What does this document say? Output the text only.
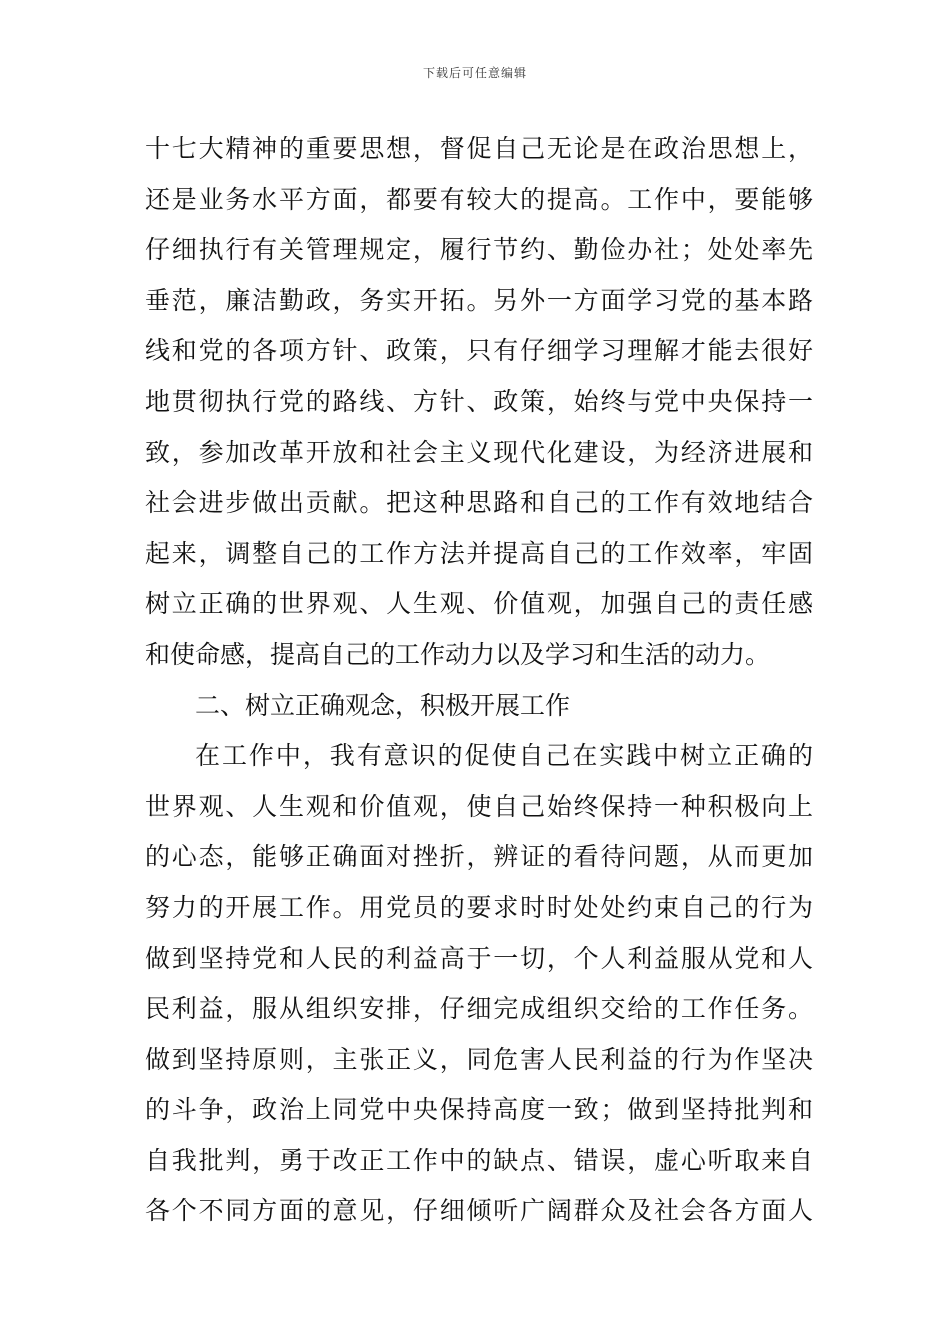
下载后可任意编辑
十七大精神的重要思想，督促自己无论是在政治思想上，
还是业务水平方面，都要有较大的提高。工作中，要能够
仔细执行有关管理规定，履行节约、勤俭办社；处处率先
垂范，廉洁勤政，务实开拓。另外一方面学习党的基本路
线和党的各项方针、政策，只有仔细学习理解才能去很好
地贯彻执行党的路线、方针、政策，始终与党中央保持一
致，参加改革开放和社会主义现代化建设，为经济进展和
社会进步做出贡献。把这种思路和自己的工作有效地结合
起来，调整自己的工作方法并提高自己的工作效率，牢固
树立正确的世界观、人生观、价值观，加强自己的责任感
和使命感，提高自己的工作动力以及学习和生活的动力。
二、树立正确观念，积极开展工作
在工作中，我有意识的促使自己在实践中树立正确的
世界观、人生观和价值观，使自己始终保持一种积极向上
的心态，能够正确面对挫折，辨证的看待问题，从而更加
努力的开展工作。用党员的要求时时处处约束自己的行为
做到坚持党和人民的利益高于一切，个人利益服从党和人
民利益，服从组织安排，仔细完成组织交给的工作任务。
做到坚持原则，主张正义，同危害人民利益的行为作坚决
的斗争，政治上同党中央保持高度一致；做到坚持批判和
自我批判，勇于改正工作中的缺点、错误，虚心听取来自
各个不同方面的意见，仔细倾听广阔群众及社会各方面人
